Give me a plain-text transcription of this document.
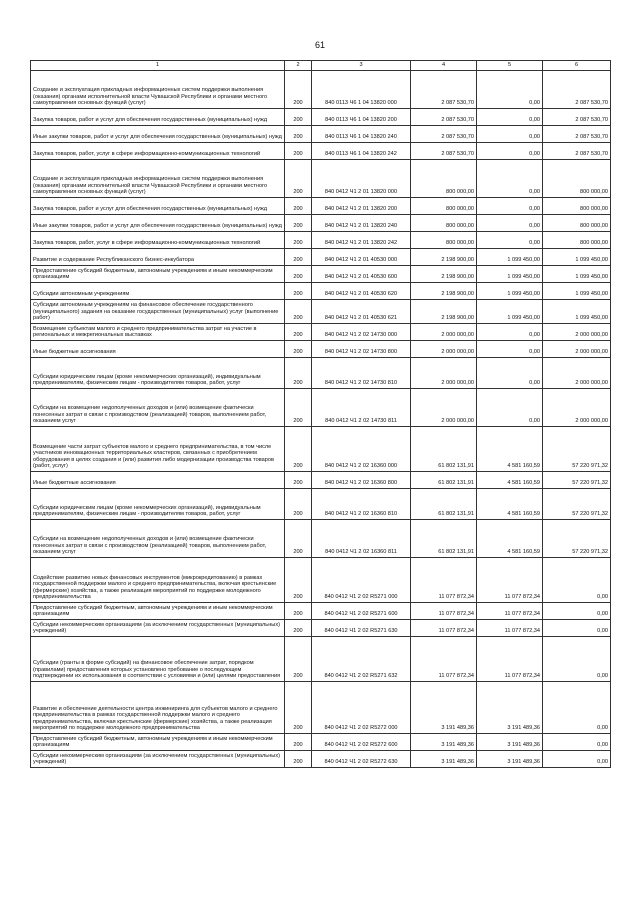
61
1	2	3	4	5	6
Создание и эксплуатация прикладных информационных систем поддержки выполнения (оказания) органами исполнительной власти Чувашской Республики и органами местного самоуправления основных функций (услуг)	200	840 0113 Ч6 1 04 13820 000	2 087 530,70	0,00	2 087 530,70
Закупка товаров, работ и услуг для обеспечения государственных (муниципальных) нужд	200	840 0113 Ч6 1 04 13820 200	2 087 530,70	0,00	2 087 530,70
Иные закупки товаров, работ и услуг для обеспечения государственных (муниципальных) нужд	200	840 0113 Ч6 1 04 13820 240	2 087 530,70	0,00	2 087 530,70
Закупка товаров, работ, услуг в сфере информационно-коммуникационных технологий	200	840 0113 Ч6 1 04 13820 242	2 087 530,70	0,00	2 087 530,70
Создание и эксплуатация прикладных информационных систем поддержки выполнения (оказания) органами исполнительной власти Чувашской Республики и органами местного самоуправления основных функций (услуг)	200	840 0412 Ч1 2 01 13820 000	800 000,00	0,00	800 000,00
Закупка товаров, работ и услуг для обеспечения государственных (муниципальных) нужд	200	840 0412 Ч1 2 01 13820 200	800 000,00	0,00	800 000,00
Иные закупки товаров, работ и услуг для обеспечения государственных (муниципальных) нужд	200	840 0412 Ч1 2 01 13820 240	800 000,00	0,00	800 000,00
Закупка товаров, работ, услуг в сфере информационно-коммуникационных технологий	200	840 0412 Ч1 2 01 13820 242	800 000,00	0,00	800 000,00
Развитие и содержание Республиканского бизнес-инкубатора	200	840 0412 Ч1 2 01 40530 000	2 198 900,00	1 099 450,00	1 099 450,00
Предоставление субсидий бюджетным, автономным учреждениям и иным некоммерческим организациям	200	840 0412 Ч1 2 01 40530 600	2 198 900,00	1 099 450,00	1 099 450,00
Субсидии автономным учреждениям	200	840 0412 Ч1 2 01 40530 620	2 198 900,00	1 099 450,00	1 099 450,00
Субсидии автономным учреждениям на финансовое обеспечение государственного (муниципального) задания на оказание государственных (муниципальных) услуг (выполнение работ)	200	840 0412 Ч1 2 01 40530 621	2 198 900,00	1 099 450,00	1 099 450,00
Возмещение субъектам малого и среднего предпринимательства затрат на участие в региональных и межрегиональных выставках	200	840 0412 Ч1 2 02 14730 000	2 000 000,00	0,00	2 000 000,00
Иные бюджетные ассигнования	200	840 0412 Ч1 2 02 14730 800	2 000 000,00	0,00	2 000 000,00
Субсидии юридическим лицам (кроме некоммерческих организаций), индивидуальным предпринимателям, физическим лицам - производителям товаров, работ, услуг	200	840 0412 Ч1 2 02 14730 810	2 000 000,00	0,00	2 000 000,00
Субсидии на возмещение недополученных доходов и (или) возмещение фактически понесенных затрат в связи с производством (реализацией) товаров, выполнением работ, оказанием услуг	200	840 0412 Ч1 2 02 14730 811	2 000 000,00	0,00	2 000 000,00
Возмещение части затрат субъектов малого и среднего предпринимательства, в том числе участников инновационных территориальных кластеров, связанных с приобретением оборудования в целях создания и (или) развития либо модернизации производства товаров (работ, услуг)	200	840 0412 Ч1 2 02 16360 000	61 802 131,91	4 581 160,59	57 220 971,32
Иные бюджетные ассигнования	200	840 0412 Ч1 2 02 16360 800	61 802 131,91	4 581 160,59	57 220 971,32
Субсидии юридическим лицам (кроме некоммерческих организаций), индивидуальным предпринимателям, физическим лицам - производителям товаров, работ, услуг	200	840 0412 Ч1 2 02 16360 810	61 802 131,91	4 581 160,59	57 220 971,32
Субсидии на возмещение недополученных доходов и (или) возмещение фактически понесенных затрат в связи с производством (реализацией) товаров, выполнением работ, оказанием услуг	200	840 0412 Ч1 2 02 16360 811	61 802 131,91	4 581 160,59	57 220 971,32
Содействие развитию новых финансовых инструментов (микрокредитованию) в рамках государственной поддержки малого и среднего предпринимательства, включая крестьянские (фермерские) хозяйства, а также реализация мероприятий по поддержке молодежного предпринимательства	200	840 0412 Ч1 2 02 R5271 000	11 077 872,34	11 077 872,34	0,00
Предоставление субсидий бюджетным, автономным учреждениям и иным некоммерческим организациям	200	840 0412 Ч1 2 02 R5271 600	11 077 872,34	11 077 872,34	0,00
Субсидии некоммерческим организациям (за исключением государственных (муниципальных) учреждений)	200	840 0412 Ч1 2 02 R5271 630	11 077 872,34	11 077 872,34	0,00
Субсидии (гранты в форме субсидий) на финансовое обеспечение затрат, порядком (правилами) предоставления которых установлено требование о последующем подтверждении их использования в соответствии с условиями и (или) целями предоставления	200	840 0412 Ч1 2 02 R5271 632	11 077 872,34	11 077 872,34	0,00
Развитие и обеспечение деятельности центра инжиниринга для субъектов малого и среднего предпринимательства в рамках государственной поддержки малого и среднего предпринимательства, включая крестьянские (фермерские) хозяйства, а также реализация мероприятий по поддержке молодежного предпринимательства	200	840 0412 Ч1 2 02 R5272 000	3 191 489,36	3 191 489,36	0,00
Предоставление субсидий бюджетным, автономным учреждениям и иным некоммерческим организациям	200	840 0412 Ч1 2 02 R5272 600	3 191 489,36	3 191 489,36	0,00
Субсидии некоммерческим организациям (за исключением государственных (муниципальных) учреждений)	200	840 0412 Ч1 2 02 R5272 630	3 191 489,36	3 191 489,36	0,00
